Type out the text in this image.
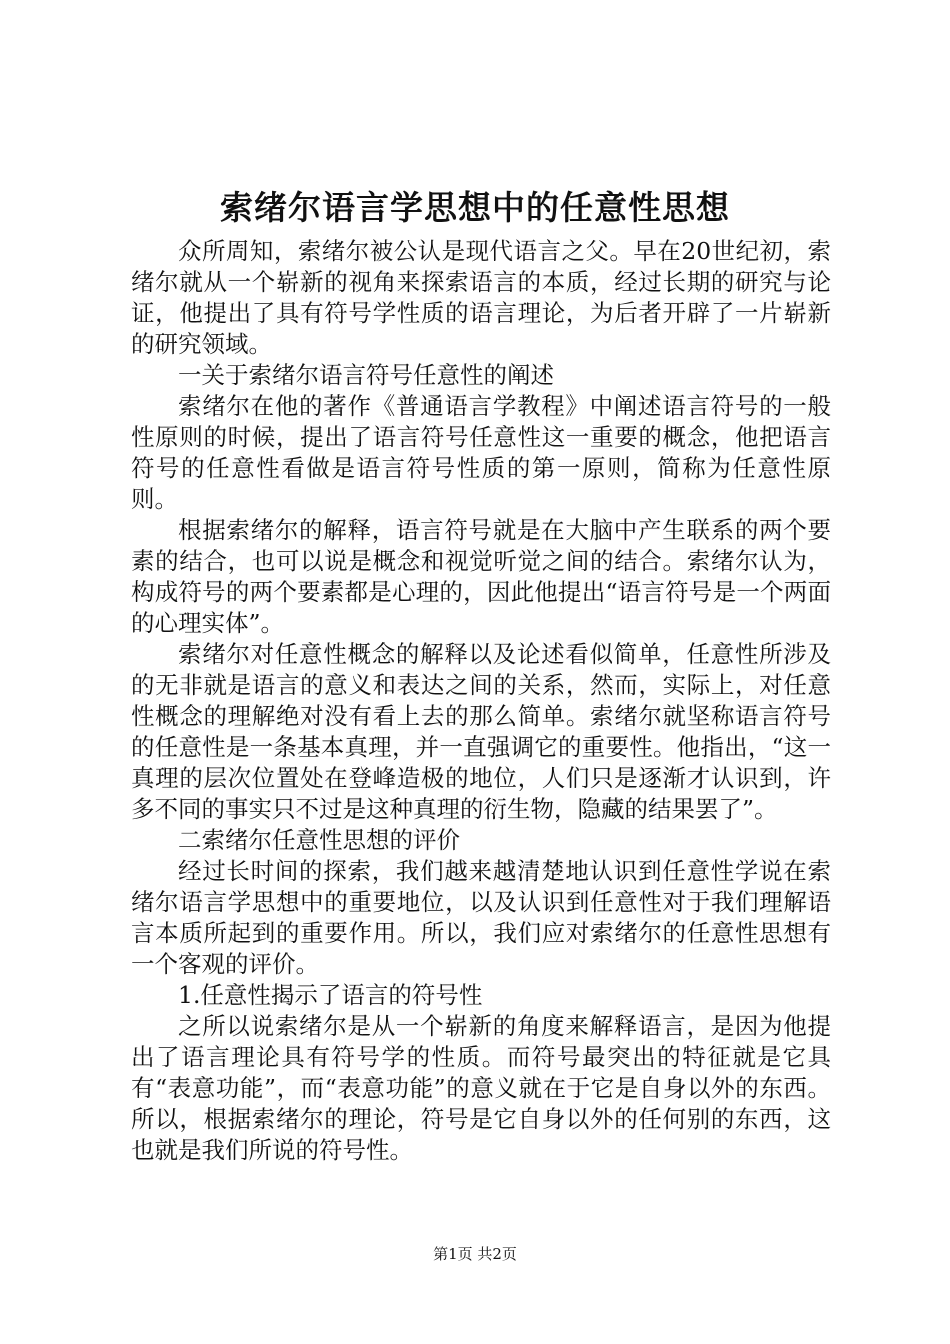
索绪尔语言学思想中的任意性思想

众所周知，索绪尔被公认是现代语言之父。早在20世纪初，索绪尔就从一个崭新的视角来探索语言的本质，经过长期的研究与论证，他提出了具有符号学性质的语言理论，为后者开辟了一片崭新的研究领域。

一关于索绪尔语言符号任意性的阐述

索绪尔在他的著作《普通语言学教程》中阐述语言符号的一般性原则的时候，提出了语言符号任意性这一重要的概念，他把语言符号的任意性看做是语言符号性质的第一原则，简称为任意性原则。

根据索绪尔的解释，语言符号就是在大脑中产生联系的两个要素的结合，也可以说是概念和视觉听觉之间的结合。索绪尔认为，构成符号的两个要素都是心理的，因此他提出“语言符号是一个两面的心理实体”。

索绪尔对任意性概念的解释以及论述看似简单，任意性所涉及的无非就是语言的意义和表达之间的关系，然而，实际上，对任意性概念的理解绝对没有看上去的那么简单。索绪尔就坚称语言符号的任意性是一条基本真理，并一直强调它的重要性。他指出，“这一真理的层次位置处在登峰造极的地位，人们只是逐渐才认识到，许多不同的事实只不过是这种真理的衍生物，隐藏的结果罢了”。

二索绪尔任意性思想的评价

经过长时间的探索，我们越来越清楚地认识到任意性学说在索绪尔语言学思想中的重要地位，以及认识到任意性对于我们理解语言本质所起到的重要作用。所以，我们应对索绪尔的任意性思想有一个客观的评价。

1.任意性揭示了语言的符号性

之所以说索绪尔是从一个崭新的角度来解释语言，是因为他提出了语言理论具有符号学的性质。而符号最突出的特征就是它具有“表意功能”，而“表意功能”的意义就在于它是自身以外的东西。所以，根据索绪尔的理论，符号是它自身以外的任何别的东西，这也就是我们所说的符号性。

第1页 共2页
